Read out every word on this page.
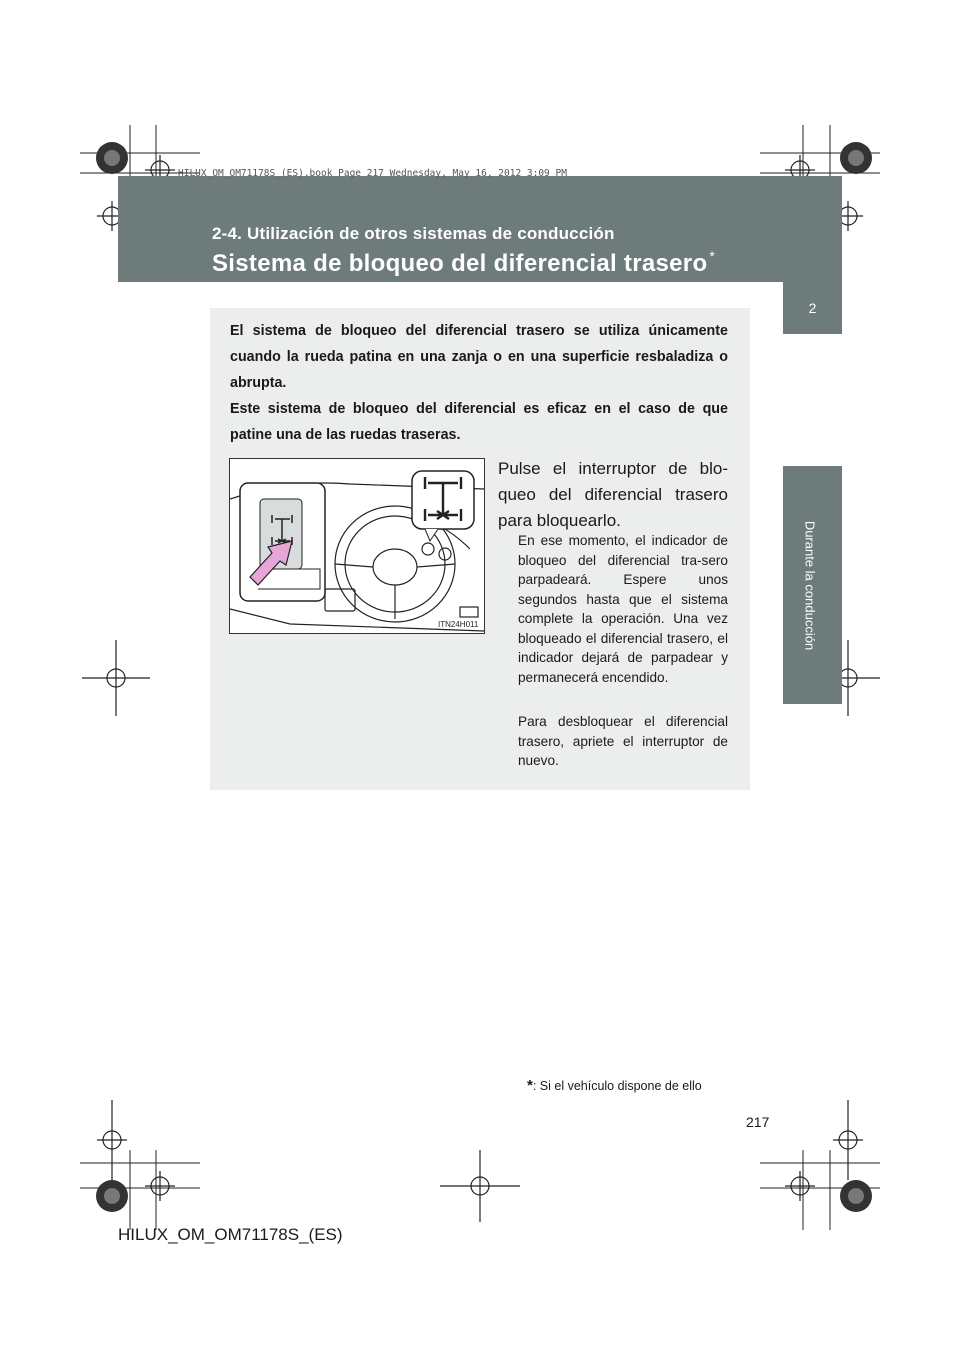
HILUX_OM_OM71178S_(ES).book Page 217 Wednesday, May 16, 2012 3:09 PM
2-4. Utilización de otros sistemas de conducción
Sistema de bloqueo del diferencial trasero *
2
Durante la conducción

El sistema de bloqueo del diferencial trasero se utiliza únicamente cuando la rueda patina en una zanja o en una superficie resbaladiza o abrupta.

Este sistema de bloqueo del diferencial es eficaz en el caso de que patine una de las ruedas traseras.

ITN24H011

Pulse el interruptor de blo-queo del diferencial trasero para bloquearlo.

En ese momento, el indicador de bloqueo del diferencial tra-sero parpadeará. Espere unos segundos hasta que el sistema complete la operación. Una vez bloqueado el diferencial trasero, el indicador dejará de parpadear y permanecerá encendido.

Para desbloquear el diferencial trasero, apriete el interruptor de nuevo.

*: Si el vehículo dispone de ello
217
HILUX_OM_OM71178S_(ES)
